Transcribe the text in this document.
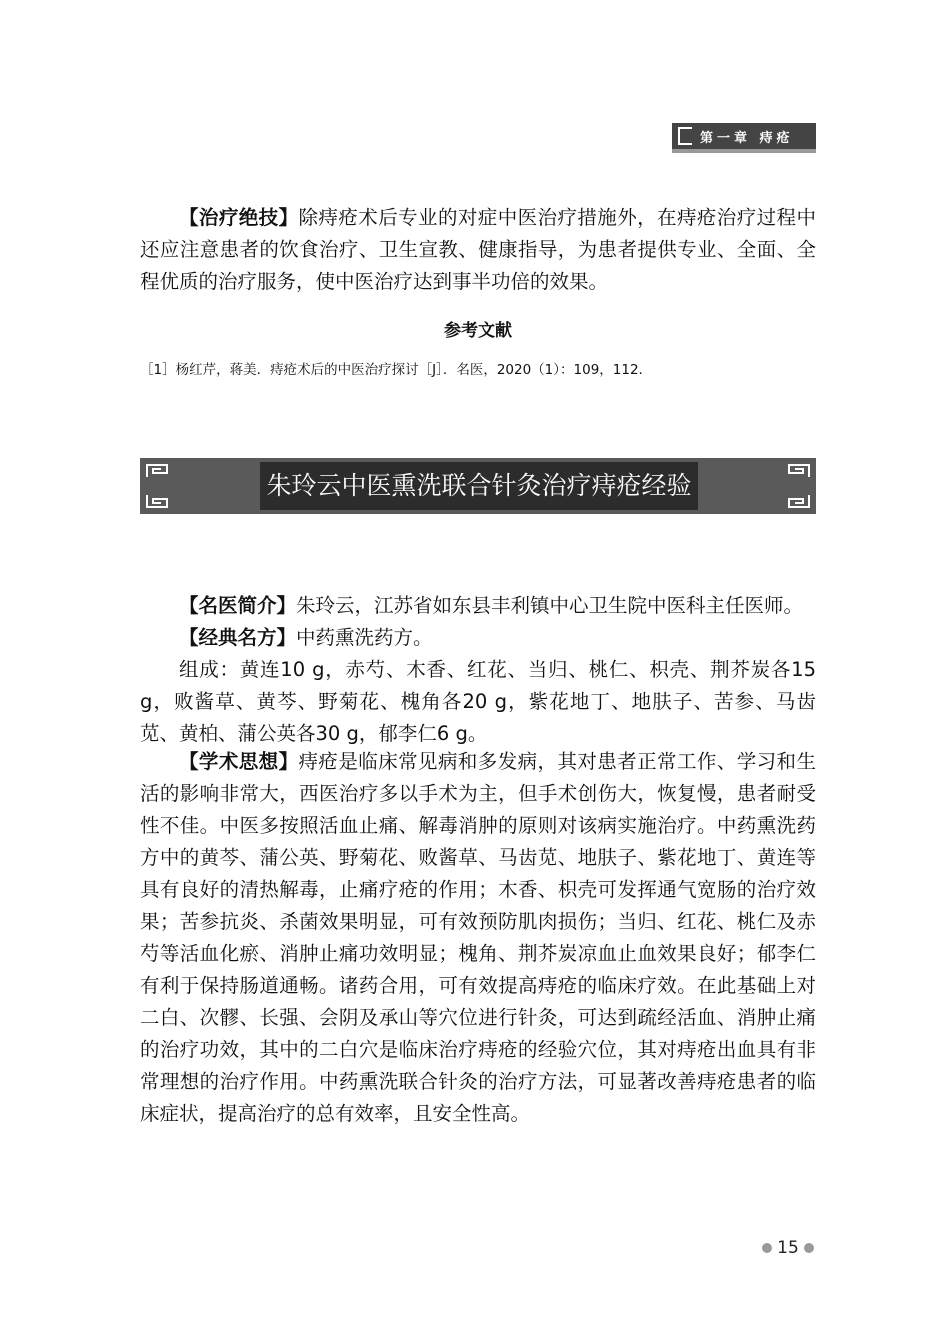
第一章 痔疮
【治疗绝技】除痔疮术后专业的对症中医治疗措施外，在痔疮治疗过程中还应注意患者的饮食治疗、卫生宣教、健康指导，为患者提供专业、全面、全程优质的治疗服务，使中医治疗达到事半功倍的效果。
参考文献
［1］杨红芹，蒋美．痔疮术后的中医治疗探讨［J］．名医，2020（1）：109，112.
朱玲云中医熏洗联合针灸治疗痔疮经验
【名医简介】朱玲云，江苏省如东县丰利镇中心卫生院中医科主任医师。
【经典名方】中药熏洗药方。
组成：黄连10 g，赤芍、木香、红花、当归、桃仁、枳壳、荆芥炭各15 g，败酱草、黄芩、野菊花、槐角各20 g，紫花地丁、地肤子、苦参、马齿苋、黄柏、蒲公英各30 g，郁李仁6 g。
【学术思想】痔疮是临床常见病和多发病，其对患者正常工作、学习和生活的影响非常大，西医治疗多以手术为主，但手术创伤大，恢复慢，患者耐受性不佳。中医多按照活血止痛、解毒消肿的原则对该病实施治疗。中药熏洗药方中的黄芩、蒲公英、野菊花、败酱草、马齿苋、地肤子、紫花地丁、黄连等具有良好的清热解毒，止痛疗疮的作用；木香、枳壳可发挥通气宽肠的治疗效果；苦参抗炎、杀菌效果明显，可有效预防肌肉损伤；当归、红花、桃仁及赤芍等活血化瘀、消肿止痛功效明显；槐角、荆芥炭凉血止血效果良好；郁李仁有利于保持肠道通畅。诸药合用，可有效提高痔疮的临床疗效。在此基础上对二白、次髎、长强、会阴及承山等穴位进行针灸，可达到疏经活血、消肿止痛的治疗功效，其中的二白穴是临床治疗痔疮的经验穴位，其对痔疮出血具有非常理想的治疗作用。中药熏洗联合针灸的治疗方法，可显著改善痔疮患者的临床症状，提高治疗的总有效率，且安全性高。
15
